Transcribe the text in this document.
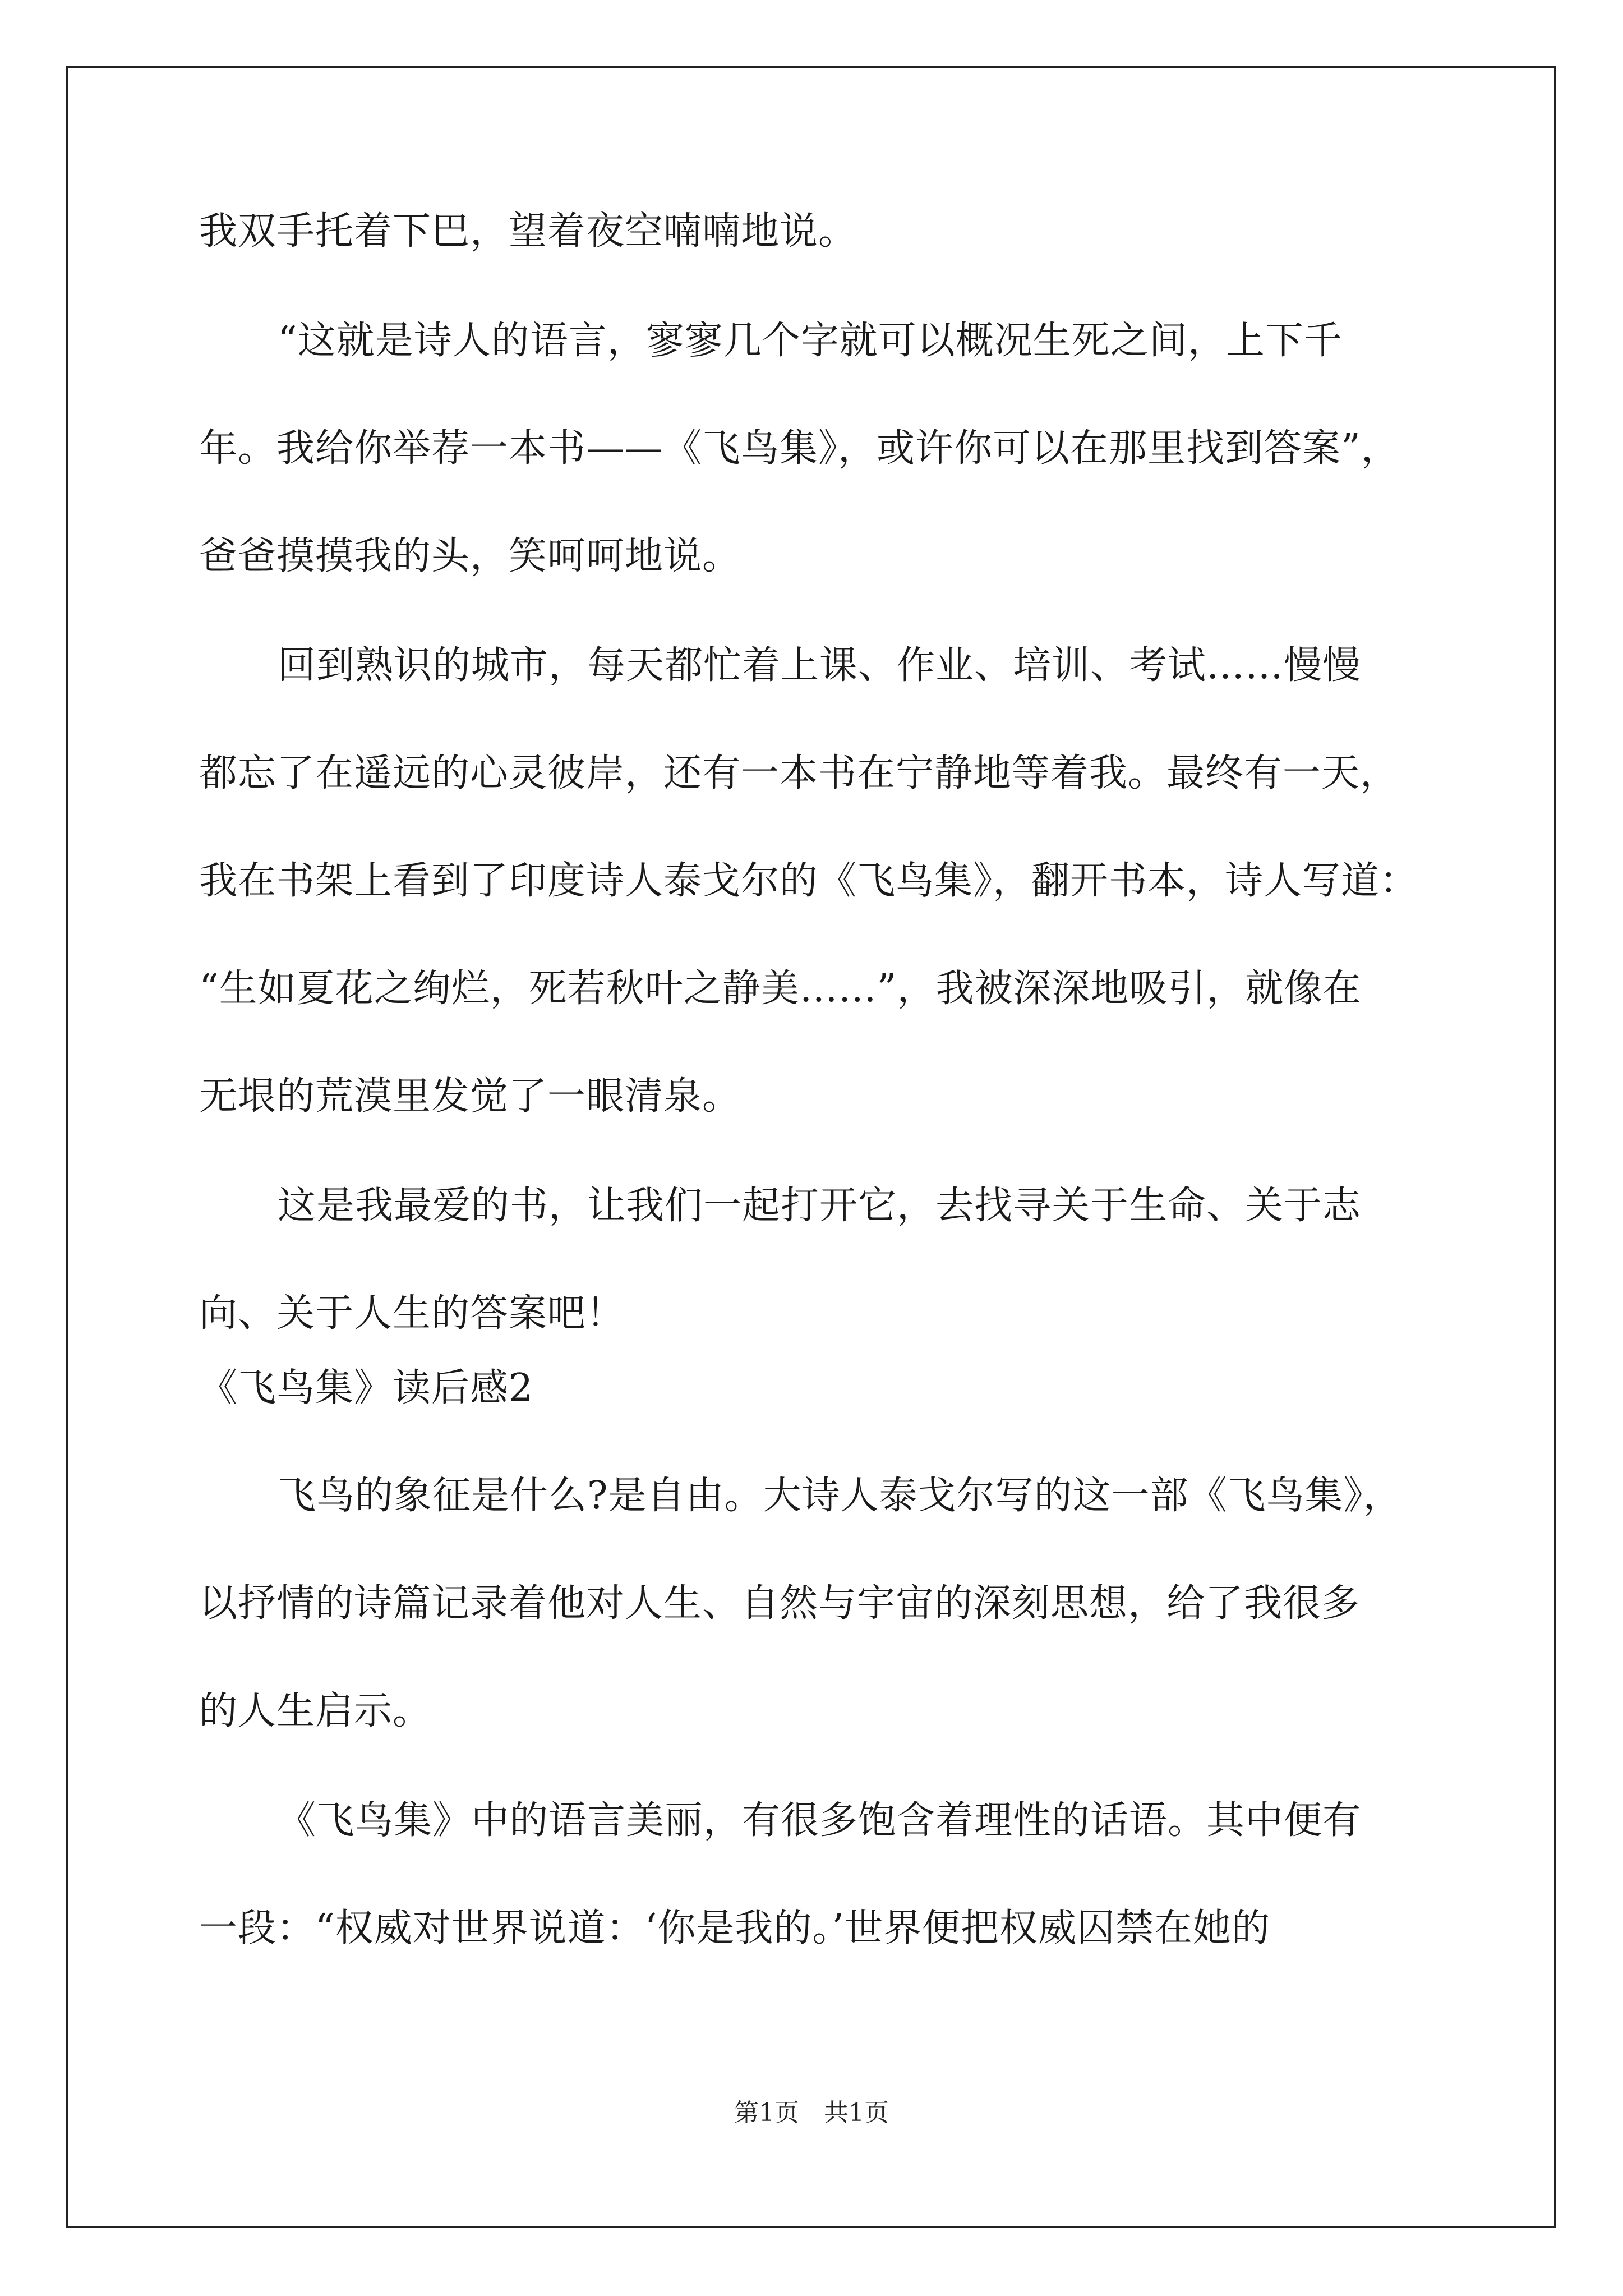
我双手托着下巴，望着夜空喃喃地说。
“这就是诗人的语言，寥寥几个字就可以概况生死之间，上下千
年。我给你举荐一本书——《飞鸟集》，或许你可以在那里找到答案”，
爸爸摸摸我的头，笑呵呵地说。
回到熟识的城市，每天都忙着上课、作业、培训、考试……慢慢
都忘了在遥远的心灵彼岸，还有一本书在宁静地等着我。最终有一天，
我在书架上看到了印度诗人泰戈尔的《飞鸟集》，翻开书本，诗人写道：
“生如夏花之绚烂，死若秋叶之静美……”，我被深深地吸引，就像在
无垠的荒漠里发觉了一眼清泉。
这是我最爱的书，让我们一起打开它，去找寻关于生命、关于志
向、关于人生的答案吧！
《飞鸟集》读后感2
飞鸟的象征是什么?是自由。大诗人泰戈尔写的这一部《飞鸟集》，
以抒情的诗篇记录着他对人生、自然与宇宙的深刻思想，给了我很多
的人生启示。
《飞鸟集》中的语言美丽，有很多饱含着理性的话语。其中便有
一段：“权威对世界说道：‘你是我的。’世界便把权威囚禁在她的
第1页　共1页
